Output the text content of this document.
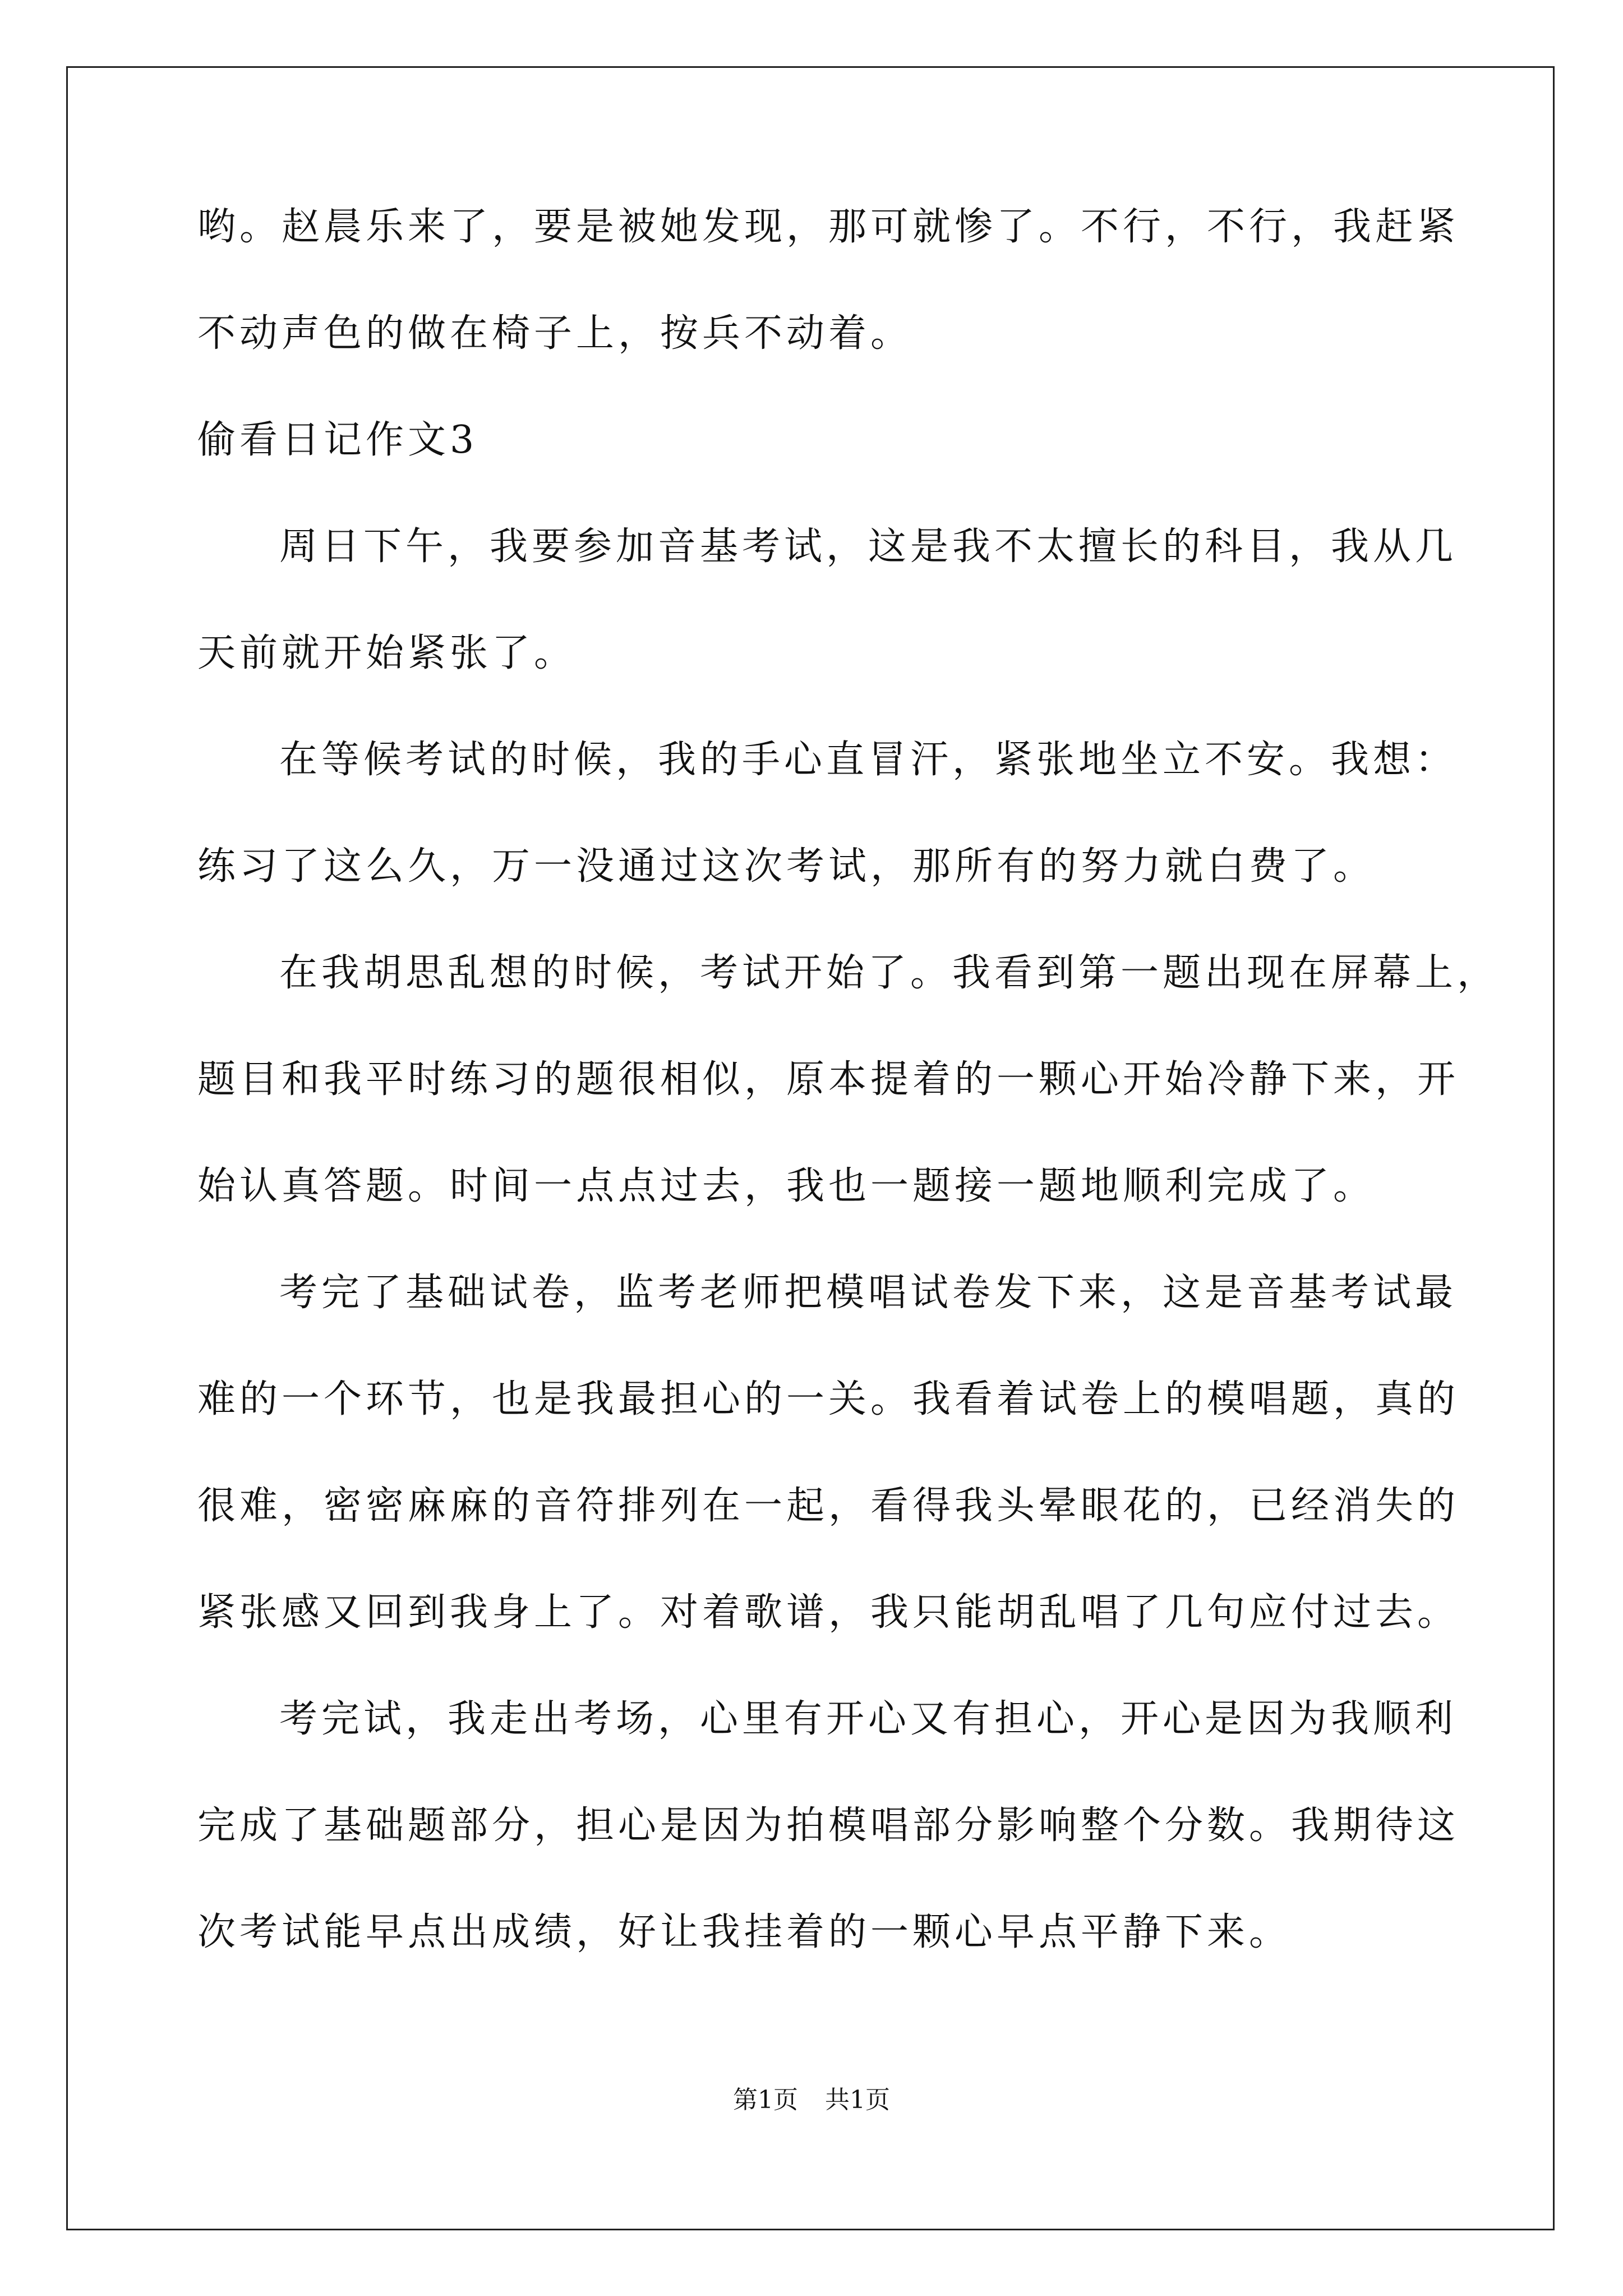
哟。赵晨乐来了，要是被她发现，那可就惨了。不行，不行，我赶紧
不动声色的做在椅子上，按兵不动着。
偷看日记作文3
周日下午，我要参加音基考试，这是我不太擅长的科目，我从几
天前就开始紧张了。
在等候考试的时候，我的手心直冒汗，紧张地坐立不安。我想：
练习了这么久，万一没通过这次考试，那所有的努力就白费了。
在我胡思乱想的时候，考试开始了。我看到第一题出现在屏幕上，
题目和我平时练习的题很相似，原本提着的一颗心开始冷静下来，开
始认真答题。时间一点点过去，我也一题接一题地顺利完成了。
考完了基础试卷，监考老师把模唱试卷发下来，这是音基考试最
难的一个环节，也是我最担心的一关。我看着试卷上的模唱题，真的
很难，密密麻麻的音符排列在一起，看得我头晕眼花的，已经消失的
紧张感又回到我身上了。对着歌谱，我只能胡乱唱了几句应付过去。
考完试，我走出考场，心里有开心又有担心，开心是因为我顺利
完成了基础题部分，担心是因为拍模唱部分影响整个分数。我期待这
次考试能早点出成绩，好让我挂着的一颗心早点平静下来。
第1页 共1页
